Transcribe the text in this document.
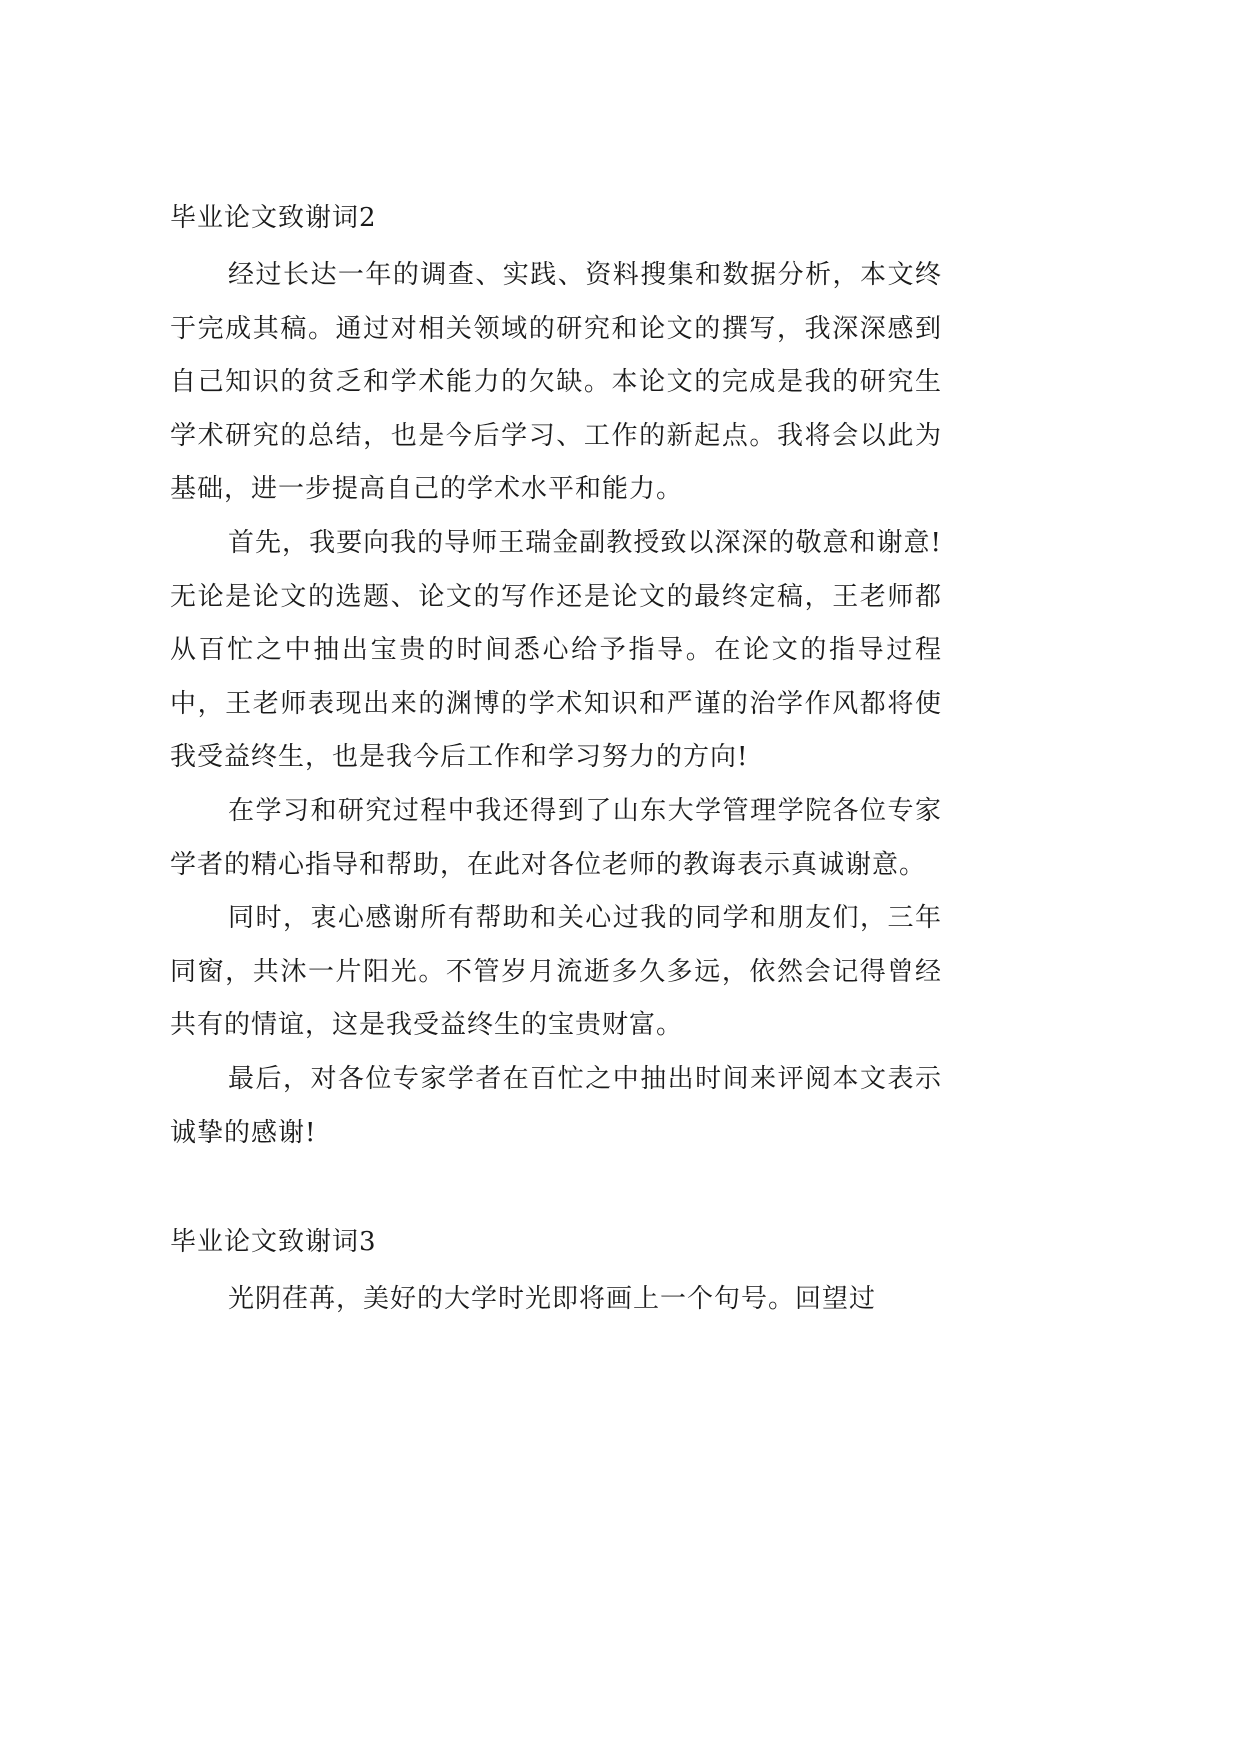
毕业论文致谢词2

经过长达一年的调查、实践、资料搜集和数据分析，本文终于完成其稿。通过对相关领域的研究和论文的撰写，我深深感到自己知识的贫乏和学术能力的欠缺。本论文的完成是我的研究生学术研究的总结，也是今后学习、工作的新起点。我将会以此为基础，进一步提高自己的学术水平和能力。

首先，我要向我的导师王瑞金副教授致以深深的敬意和谢意!无论是论文的选题、论文的写作还是论文的最终定稿，王老师都从百忙之中抽出宝贵的时间悉心给予指导。在论文的指导过程中，王老师表现出来的渊博的学术知识和严谨的治学作风都将使我受益终生，也是我今后工作和学习努力的方向!

在学习和研究过程中我还得到了山东大学管理学院各位专家学者的精心指导和帮助，在此对各位老师的教诲表示真诚谢意。

同时，衷心感谢所有帮助和关心过我的同学和朋友们，三年同窗，共沐一片阳光。不管岁月流逝多久多远，依然会记得曾经共有的情谊，这是我受益终生的宝贵财富。

最后，对各位专家学者在百忙之中抽出时间来评阅本文表示诚挚的感谢!

毕业论文致谢词3

光阴荏苒，美好的大学时光即将画上一个句号。回望过
